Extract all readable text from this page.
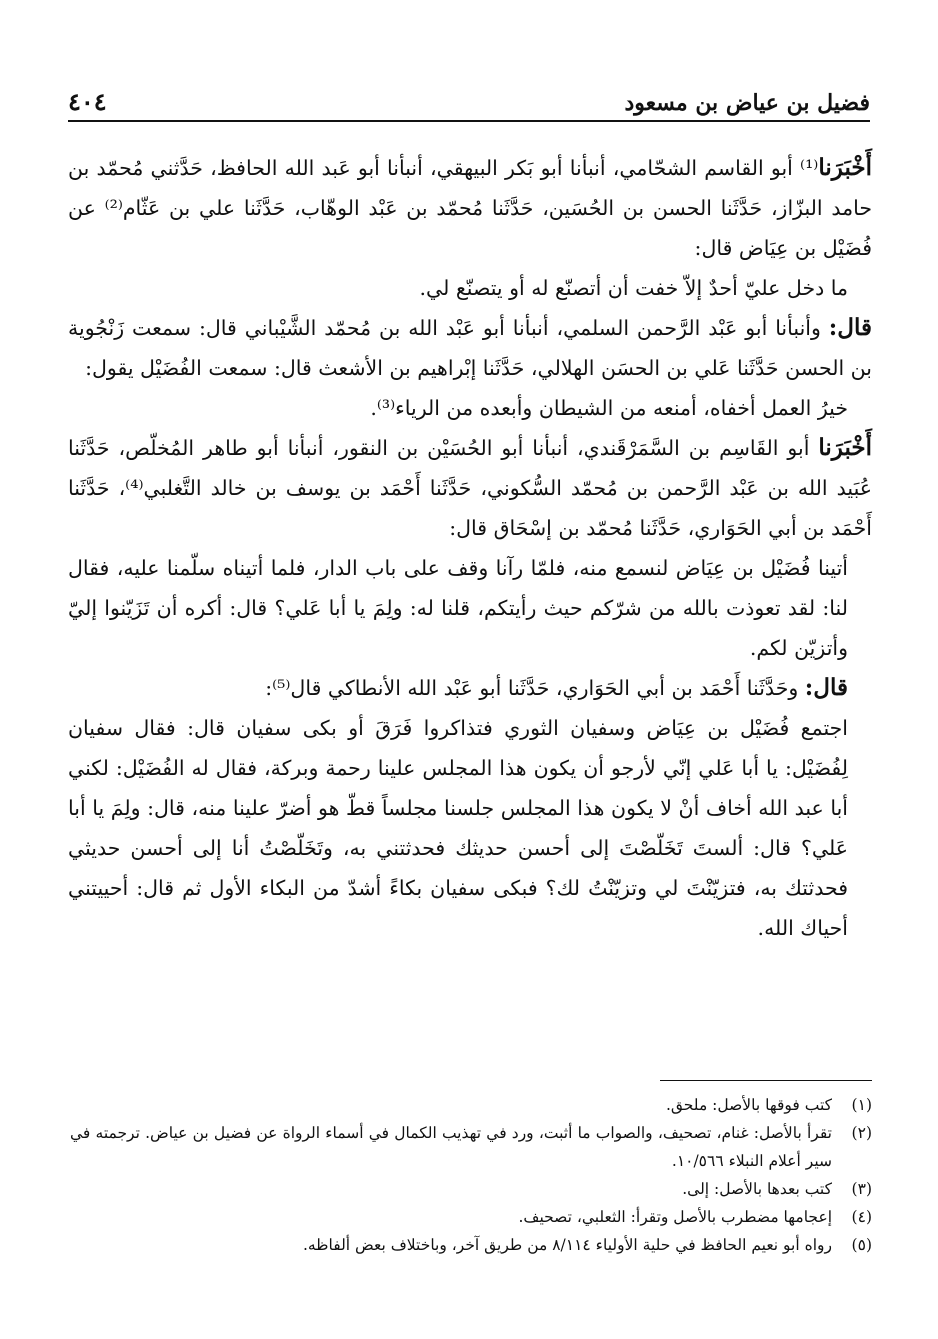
فضيل بن عياض بن مسعود
٤٠٤

أَخْبَرَنا⁽¹⁾ أبو القاسم الشحّامي، أنبأنا أبو بَكر البيهقي، أنبأنا أبو عَبد الله الحافظ، حَدَّثني مُحمّد بن حامد البزّاز، حَدَّثَنا الحسن بن الحُسَين، حَدَّثَنا مُحمّد بن عَبْد الوهّاب، حَدَّثَنا علي بن عَثّام⁽²⁾ عن فُضَيْل بن عِيَاض قال:

ما دخل عليّ أحدٌ إلاّ خفت أن أتصنّع له أو يتصنّع لي.

قال: وأنبأنا أبو عَبْد الرَّحمن السلمي، أنبأنا أبو عَبْد الله بن مُحمّد الشَّيْباني قال: سمعت زَنْجُوية بن الحسن حَدَّثَنا عَلي بن الحسَن الهلالي، حَدَّثَنا إبْراهيم بن الأشعث قال: سمعت الفُضَيْل يقول:

خيرُ العمل أخفاه، أمنعه من الشيطان وأبعده من الرياء⁽³⁾.

أَخْبَرَنا أبو القَاسِم بن السَّمَرْقَندي، أنبأنا أبو الحُسَيْن بن النقور، أنبأنا أبو طاهر المُخلّص، حَدَّثَنا عُبَيد الله بن عَبْد الرَّحمن بن مُحمّد السُّكوني، حَدَّثَنا أَحْمَد بن يوسف بن خالد التَّغلبي⁽⁴⁾، حَدَّثَنا أَحْمَد بن أبي الحَوَاري، حَدَّثَنا مُحمّد بن إسْحَاق قال:

أتينا فُضَيْل بن عِيَاض لنسمع منه، فلمّا رآنا وقف على باب الدار، فلما أتيناه سلّمنا عليه، فقال لنا: لقد تعوذت بالله من شرّكم حيث رأيتكم، قلنا له: ولِمَ يا أبا عَلي؟ قال: أكره أن تَزَيّنوا إليّ وأتزيّن لكم.

قال: وحَدَّثَنا أَحْمَد بن أبي الحَوَاري، حَدَّثَنا أبو عَبْد الله الأنطاكي قال⁽⁵⁾:

اجتمع فُضَيْل بن عِيَاض وسفيان الثوري فتذاكروا فَرَقَ أو بكى سفيان قال: فقال سفيان لِفُضَيْل: يا أبا عَلي إنّي لأرجو أن يكون هذا المجلس علينا رحمة وبركة، فقال له الفُضَيْل: لكني أبا عبد الله أخاف أنْ لا يكون هذا المجلس جلسنا مجلساً قطّ هو أضرّ علينا منه، قال: ولِمَ يا أبا عَلي؟ قال: ألستَ تَخَلّصْتَ إلى أحسن حديثك فحدثتني به، وتَخَلّصْتُ أنا إلى أحسن حديثي فحدثتك به، فتزيّنْتَ لي وتزيّنْتُ لك؟ فبكى سفيان بكاءً أشدّ من البكاء الأول ثم قال: أحييتني أحياك الله.

(١)
كتب فوقها بالأصل: ملحق.

(٢)
تقرأ بالأصل: غنام، تصحيف، والصواب ما أثبت، ورد في تهذيب الكمال في أسماء الرواة عن فضيل بن عياض. ترجمته في سير أعلام النبلاء ١٠/٥٦٦.

(٣)
كتب بعدها بالأصل: إلى.

(٤)
إعجامها مضطرب بالأصل وتقرأ: الثعلبي، تصحيف.

(٥)
رواه أبو نعيم الحافظ في حلية الأولياء ٨/١١٤ من طريق آخر، وباختلاف بعض ألفاظه.
